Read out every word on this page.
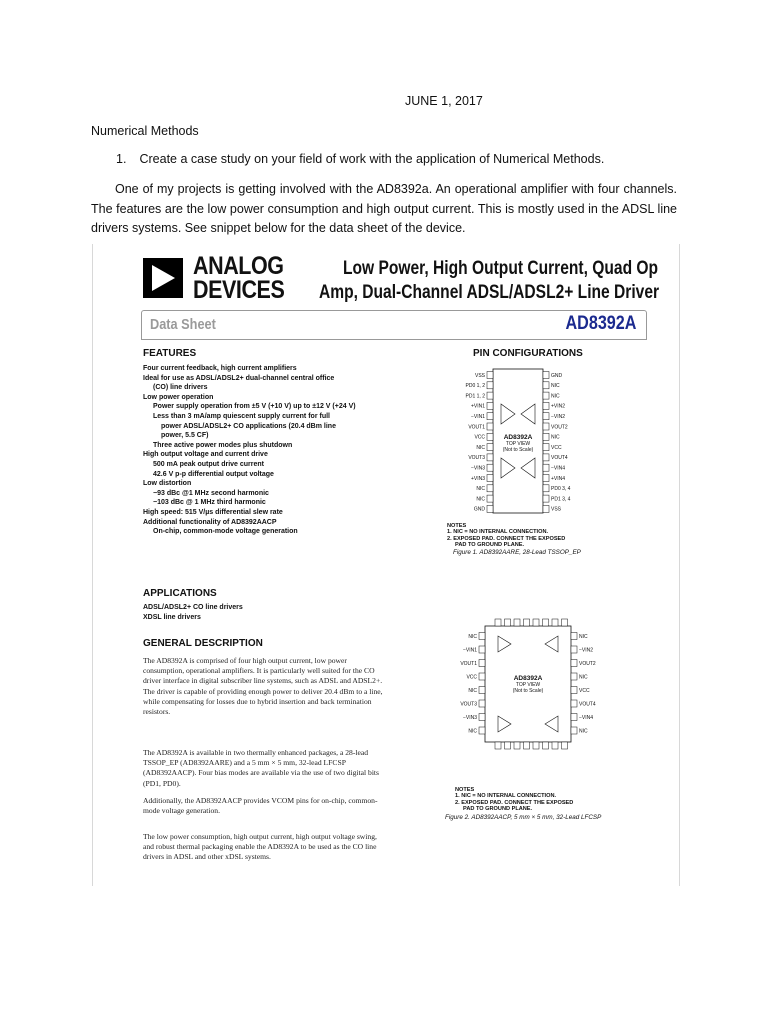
JUNE 1, 2017
Numerical Methods
1. Create a case study on your field of work with the application of Numerical Methods.
One of my projects is getting involved with the AD8392a. An operational amplifier with four channels. The features are the low power consumption and high output current. This is mostly used in the ADSL line drivers systems. See snippet below for the data sheet of the device.
ANALOG
DEVICES
Low Power, High Output Current, Quad Op
Amp, Dual-Channel ADSL/ADSL2+ Line Driver
Data Sheet	AD8392A
FEATURES
Four current feedback, high current amplifiers
Ideal for use as ADSL/ADSL2+ dual-channel central office
(CO) line drivers
Low power operation
Power supply operation from ±5 V (+10 V) up to ±12 V (+24 V)
Less than 3 mA/amp quiescent supply current for full
power ADSL/ADSL2+ CO applications (20.4 dBm line
power, 5.5 CF)
Three active power modes plus shutdown
High output voltage and current drive
500 mA peak output drive current
42.6 V p-p differential output voltage
Low distortion
−93 dBc @1 MHz second harmonic
−103 dBc @ 1 MHz third harmonic
High speed: 515 V/µs differential slew rate
Additional functionality of AD8392AACP
On-chip, common-mode voltage generation
APPLICATIONS
ADSL/ADSL2+ CO line drivers
XDSL line drivers
GENERAL DESCRIPTION
The AD8392A is comprised of four high output current, low power consumption, operational amplifiers. It is particularly well suited for the CO driver interface in digital subscriber line systems, such as ADSL and ADSL2+. The driver is capable of providing enough power to deliver 20.4 dBm to a line, while compensating for losses due to hybrid insertion and back termination resistors.
The AD8392A is available in two thermally enhanced packages, a 28-lead TSSOP_EP (AD8392AARE) and a 5 mm × 5 mm, 32-lead LFCSP (AD8392AACP). Four bias modes are available via the use of two digital bits (PD1, PD0).
Additionally, the AD8392AACP provides VCOM pins for on-chip, common-mode voltage generation.
The low power consumption, high output current, high output voltage swing, and robust thermal packaging enable the AD8392A to be used as the CO line drivers in ADSL and other xDSL systems.
PIN CONFIGURATIONS
VSS
PD0 1, 2
PD1 1, 2
+VIN1
−VIN1
VOUT1
VCC
NIC
VOUT3
−VIN3
+VIN3
NIC
NIC
GND
GND
NIC
NIC
+VIN2
−VIN2
VOUT2
NIC
VCC
VOUT4
−VIN4
+VIN4
PD0 3, 4
PD1 3, 4
VSS
AD8392A
TOP VIEW
(Not to Scale)
NOTES
1. NIC = NO INTERNAL CONNECTION.
2. EXPOSED PAD. CONNECT THE EXPOSED
PAD TO GROUND PLANE.
Figure 1. AD8392AARE, 28-Lead TSSOP_EP
NIC
−VIN1
VOUT1
VCC
NIC
VOUT3
−VIN3
NIC
NIC
−VIN2
VOUT2
NIC
VCC
VOUT4
−VIN4
NIC
AD8392A
TOP VIEW
(Not to Scale)
NOTES
1. NIC = NO INTERNAL CONNECTION.
2. EXPOSED PAD. CONNECT THE EXPOSED
PAD TO GROUND PLANE.
Figure 2. AD8392AACP, 5 mm × 5 mm, 32-Lead LFCSP
